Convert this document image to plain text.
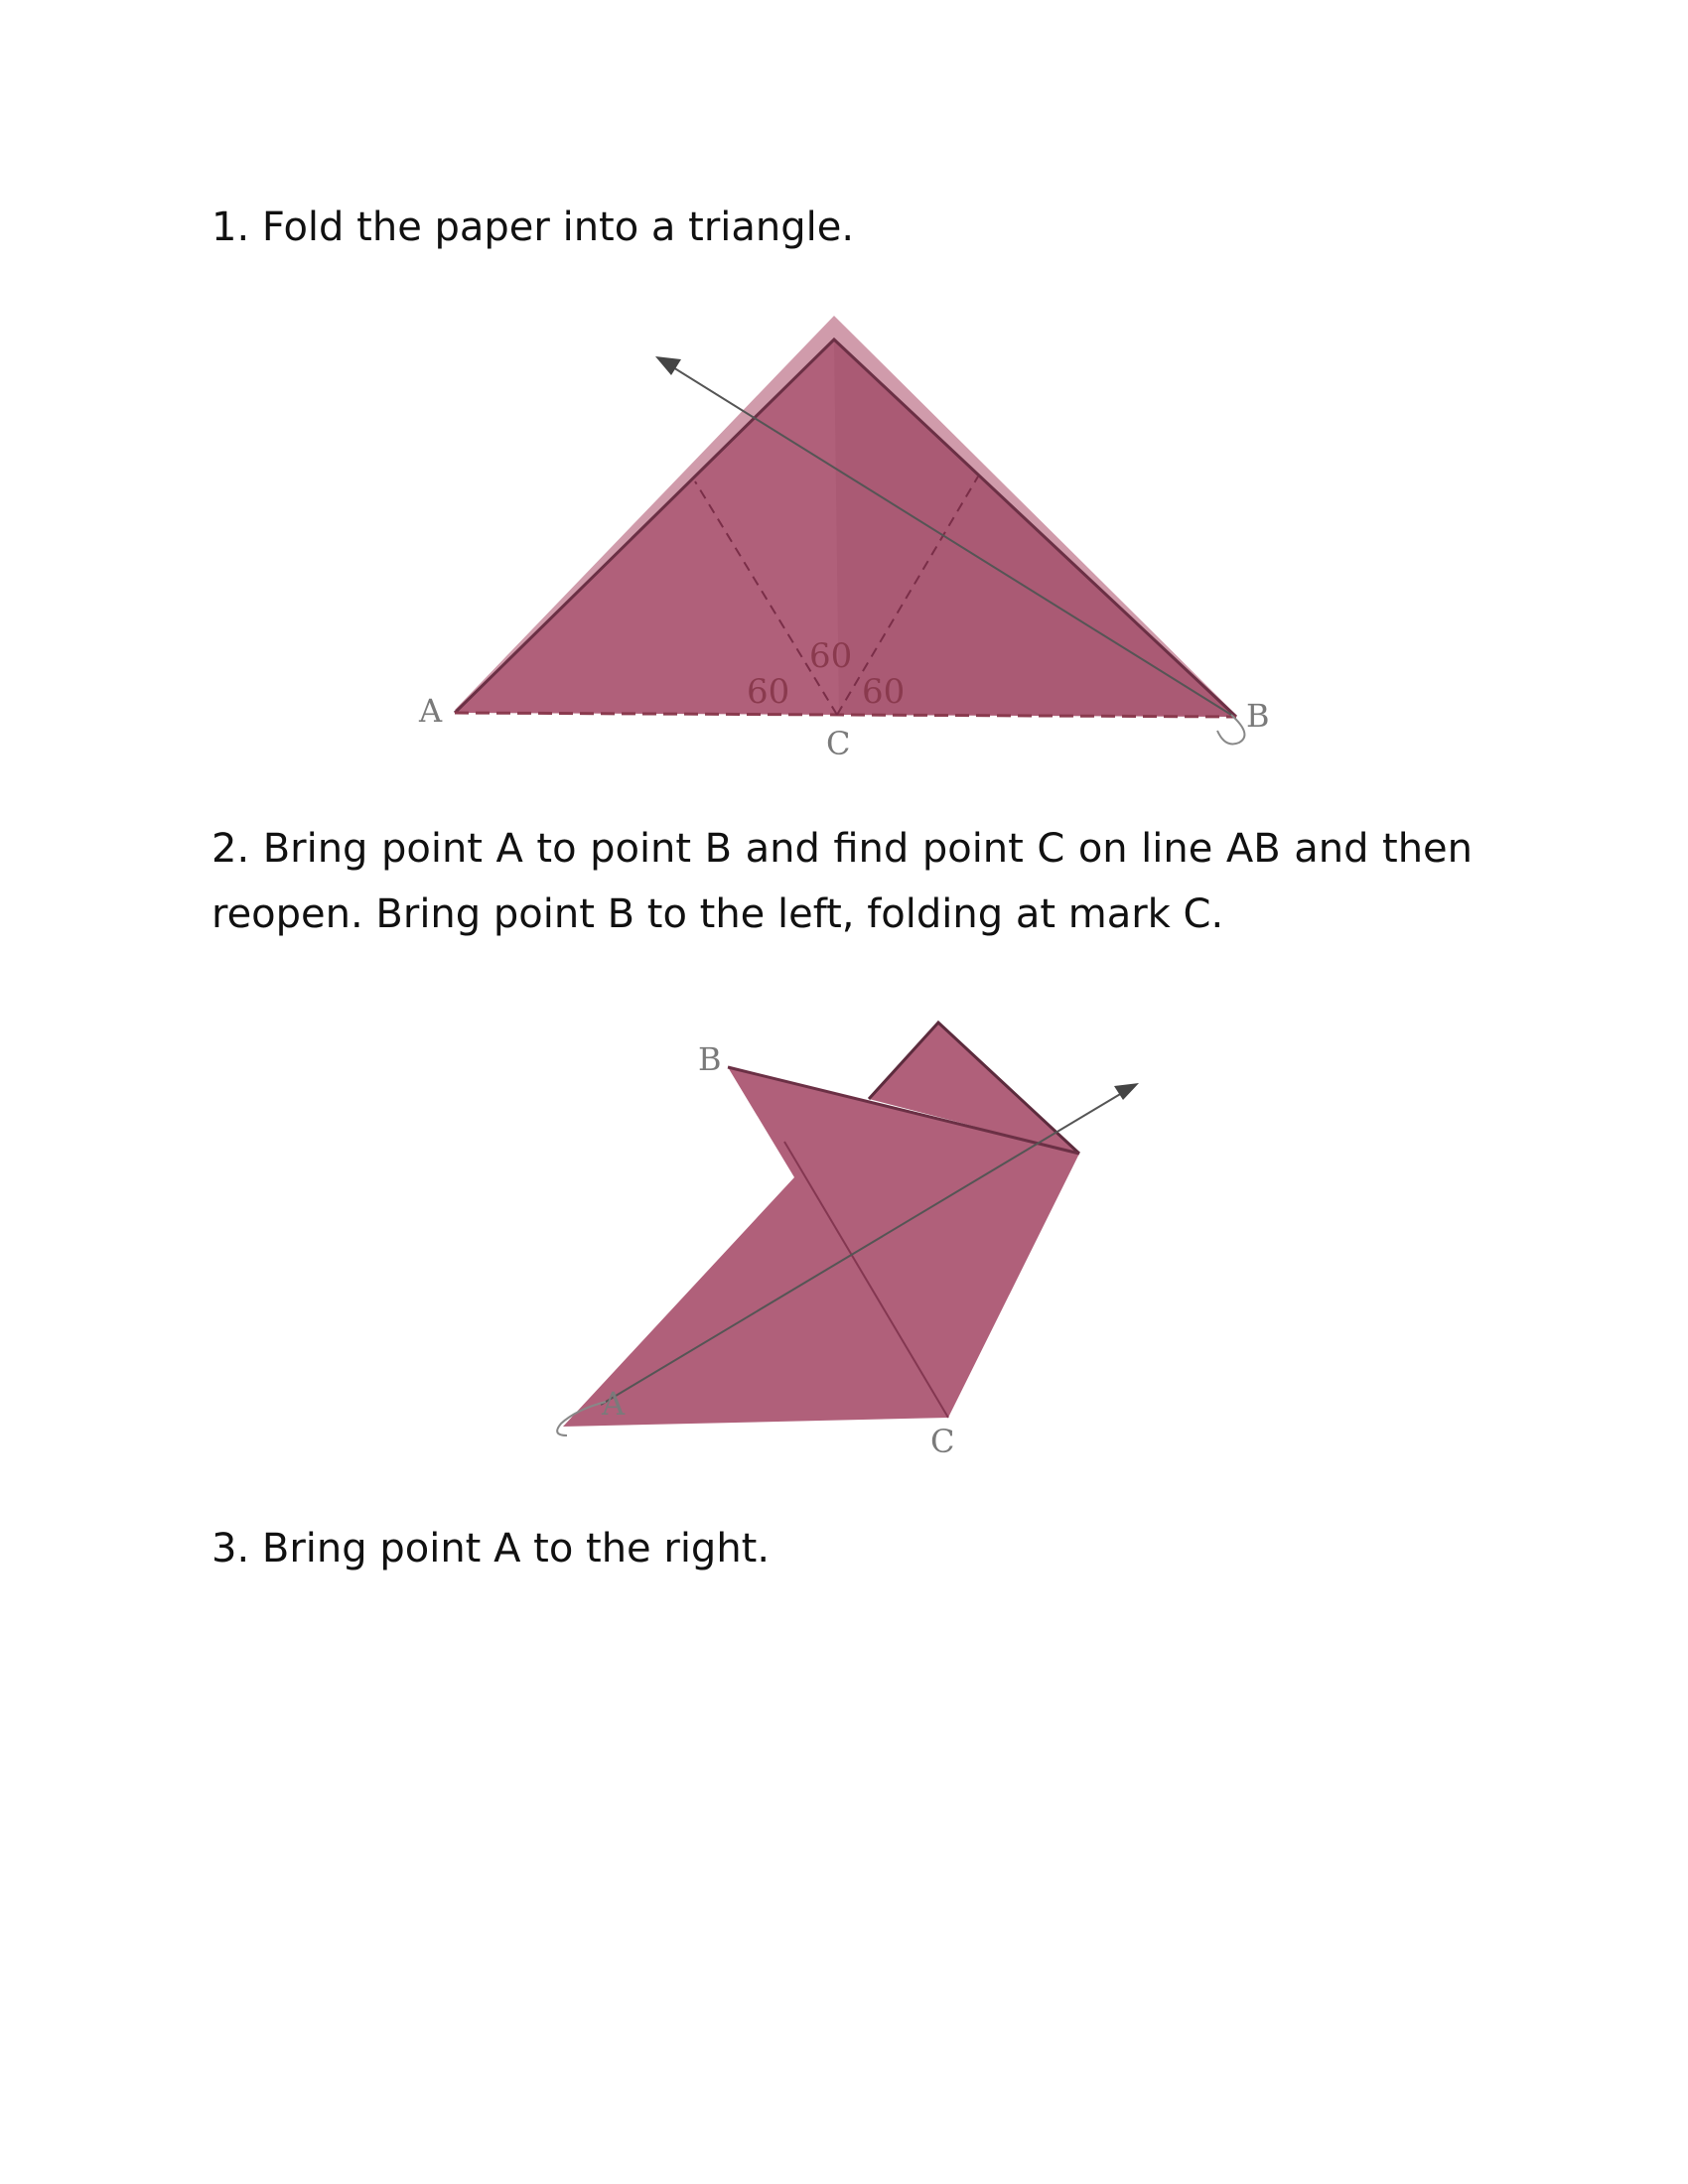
1. Fold the paper into a triangle.

60
60
60
A	B
C

2. Bring point A to point B and find point C on line AB and then reopen. Bring point B to the left, folding at mark C.

B
A
C

3. Bring point A to the right.
